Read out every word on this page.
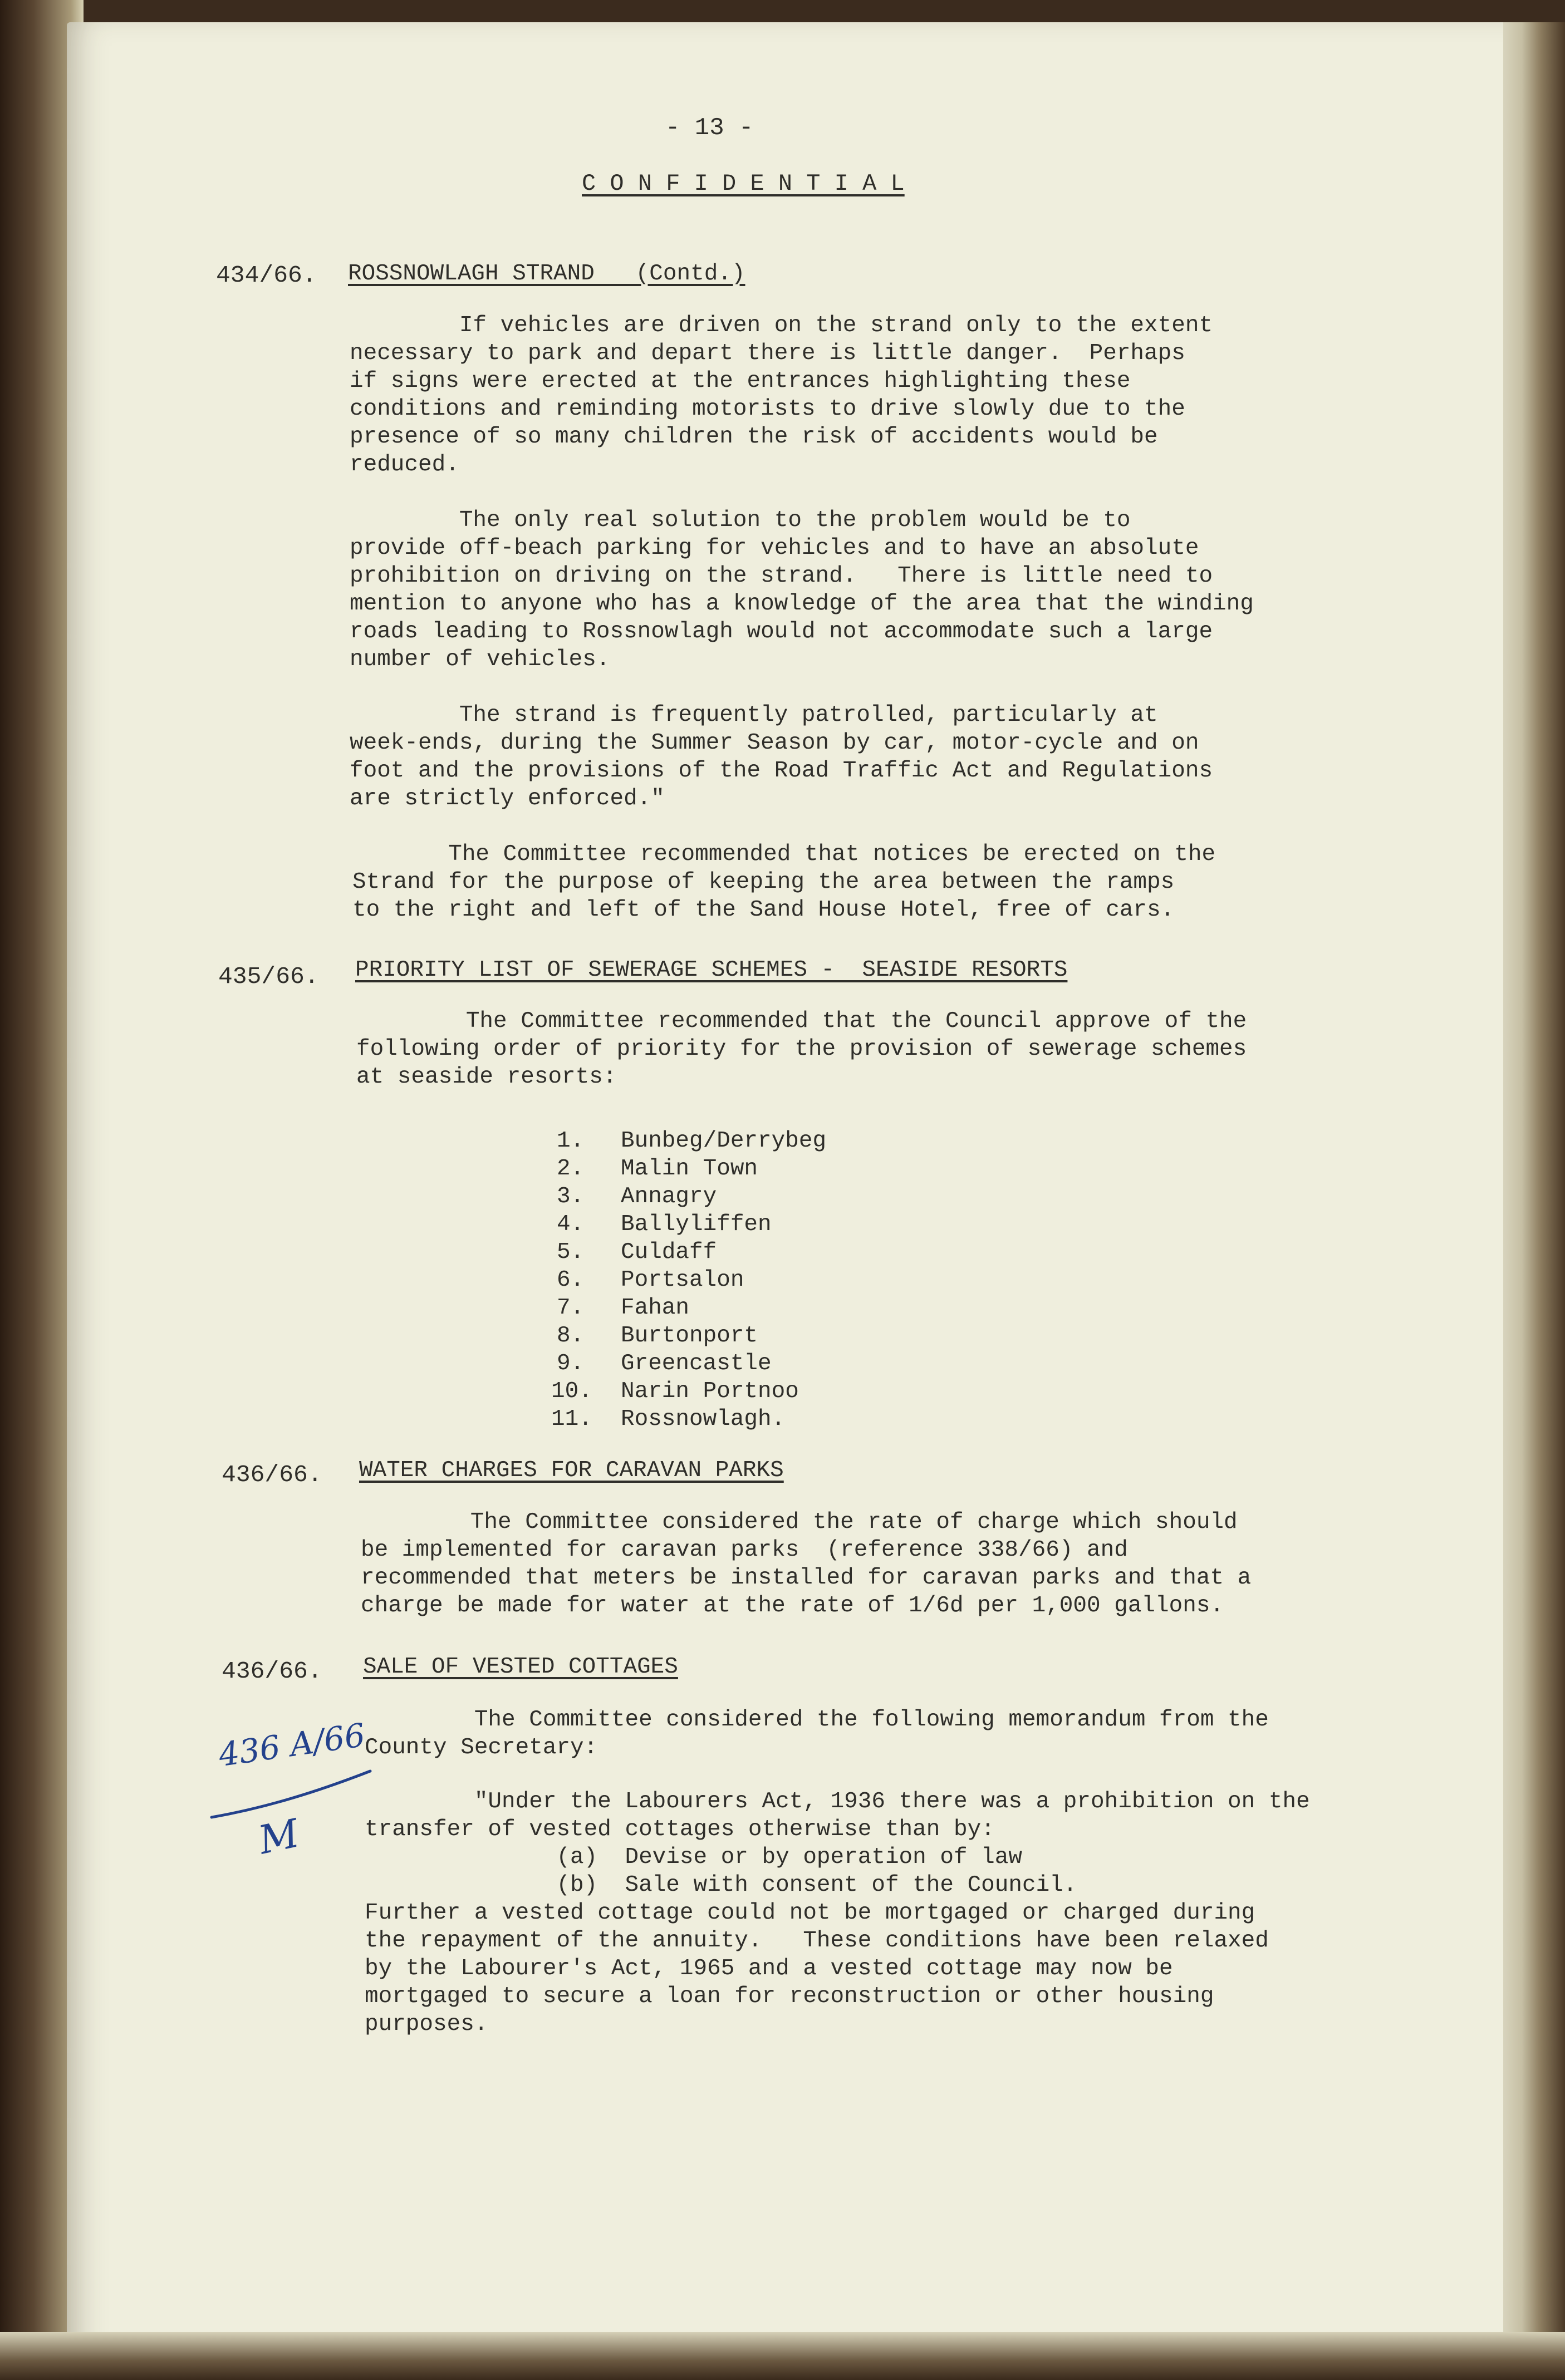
- 13 -

C O N F I D E N T I A L

434/66. ROSSNOWLAGH STRAND   (Contd.)

If vehicles are driven on the strand only to the extent
necessary to park and depart there is little danger.  Perhaps
if signs were erected at the entrances highlighting these
conditions and reminding motorists to drive slowly due to the
presence of so many children the risk of accidents would be
reduced.

The only real solution to the problem would be to
provide off-beach parking for vehicles and to have an absolute
prohibition on driving on the strand.   There is little need to
mention to anyone who has a knowledge of the area that the winding
roads leading to Rossnowlagh would not accommodate such a large
number of vehicles.

The strand is frequently patrolled, particularly at
week-ends, during the Summer Season by car, motor-cycle and on
foot and the provisions of the Road Traffic Act and Regulations
are strictly enforced."

The Committee recommended that notices be erected on the
Strand for the purpose of keeping the area between the ramps
to the right and left of the Sand House Hotel, free of cars.

435/66. PRIORITY LIST OF SEWERAGE SCHEMES -  SEASIDE RESORTS

The Committee recommended that the Council approve of the
following order of priority for the provision of sewerage schemes
at seaside resorts:

1. Bunbeg/Derrybeg

2. Malin Town

3. Annagry

4. Ballyliffen

5. Culdaff

6. Portsalon

7. Fahan

8. Burtonport

9. Greencastle

10. Narin Portnoo

11. Rossnowlagh.

436/66. WATER CHARGES FOR CARAVAN PARKS

The Committee considered the rate of charge which should
be implemented for caravan parks  (reference 338/66) and
recommended that meters be installed for caravan parks and that a
charge be made for water at the rate of 1/6d per 1,000 gallons.

436/66. SALE OF VESTED COTTAGES

The Committee considered the following memorandum from the
County Secretary:

"Under the Labourers Act, 1936 there was a prohibition on the
transfer of vested cottages otherwise than by:
(a)  Devise or by operation of law
(b)  Sale with consent of the Council.
Further a vested cottage could not be mortgaged or charged during
the repayment of the annuity.   These conditions have been relaxed
by the Labourer's Act, 1965 and a vested cottage may now be
mortgaged to secure a loan for reconstruction or other housing
purposes.

436 A/66

M
